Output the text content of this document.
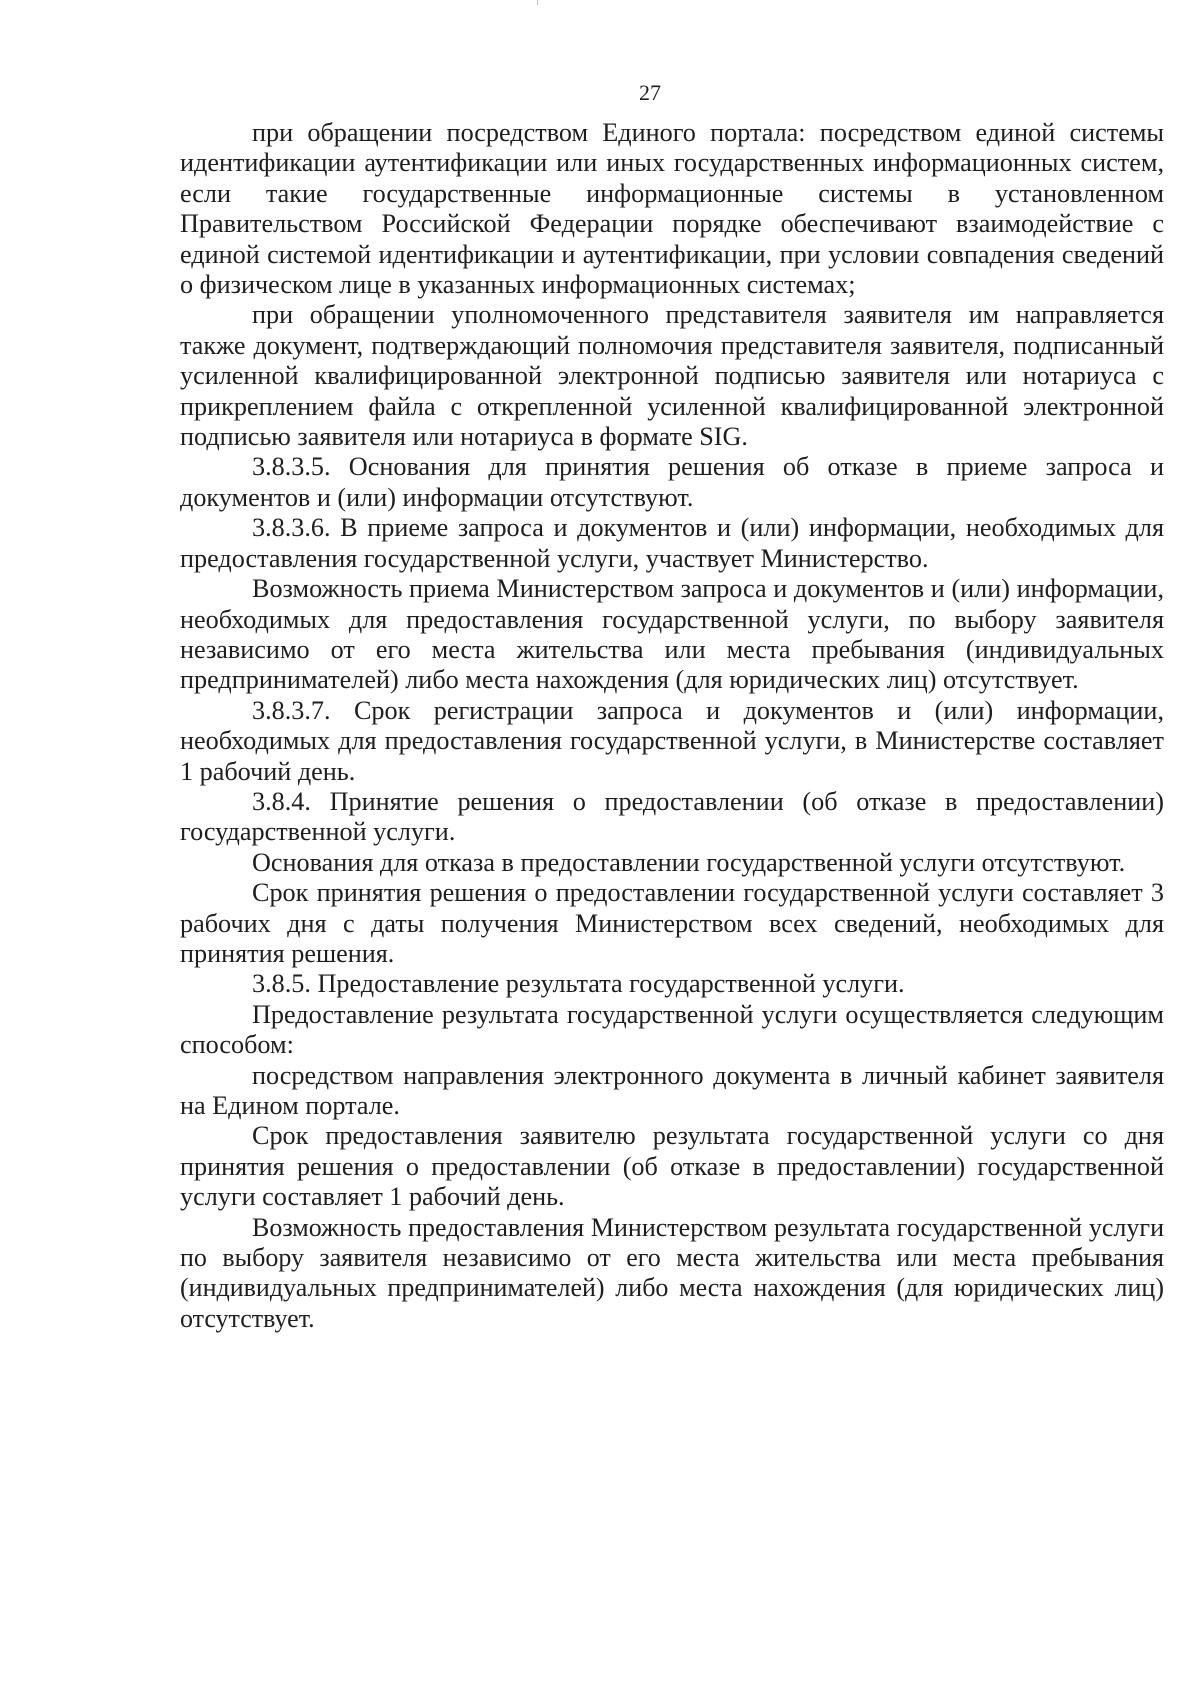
27

при обращении посредством Единого портала: посредством единой системы идентификации аутентификации или иных государственных информационных систем, если такие государственные информационные системы в установленном Правительством Российской Федерации порядке обеспечивают взаимодействие с единой системой идентификации и аутентификации, при условии совпадения сведений о физическом лице в указанных информационных системах;

при обращении уполномоченного представителя заявителя им направляется также документ, подтверждающий полномочия представителя заявителя, подписанный усиленной квалифицированной электронной подписью заявителя или нотариуса с прикреплением файла с открепленной усиленной квалифицированной электронной подписью заявителя или нотариуса в формате SIG.

3.8.3.5. Основания для принятия решения об отказе в приеме запроса и документов и (или) информации отсутствуют.

3.8.3.6. В приеме запроса и документов и (или) информации, необходимых для предоставления государственной услуги, участвует Министерство.

Возможность приема Министерством запроса и документов и (или) информации, необходимых для предоставления государственной услуги, по выбору заявителя независимо от его места жительства или места пребывания (индивидуальных предпринимателей) либо места нахождения (для юридических лиц) отсутствует.

3.8.3.7. Срок регистрации запроса и документов и (или) информации, необходимых для предоставления государственной услуги, в Министерстве составляет 1 рабочий день.

3.8.4. Принятие решения о предоставлении (об отказе в предоставлении) государственной услуги.

Основания для отказа в предоставлении государственной услуги отсутствуют.

Срок принятия решения о предоставлении государственной услуги составляет 3 рабочих дня с даты получения Министерством всех сведений, необходимых для принятия решения.

3.8.5. Предоставление результата государственной услуги.

Предоставление результата государственной услуги осуществляется следующим способом:

посредством направления электронного документа в личный кабинет заявителя на Едином портале.

Срок предоставления заявителю результата государственной услуги со дня принятия решения о предоставлении (об отказе в предоставлении) государственной услуги составляет 1 рабочий день.

Возможность предоставления Министерством результата государственной услуги по выбору заявителя независимо от его места жительства или места пребывания (индивидуальных предпринимателей) либо места нахождения (для юридических лиц) отсутствует.
